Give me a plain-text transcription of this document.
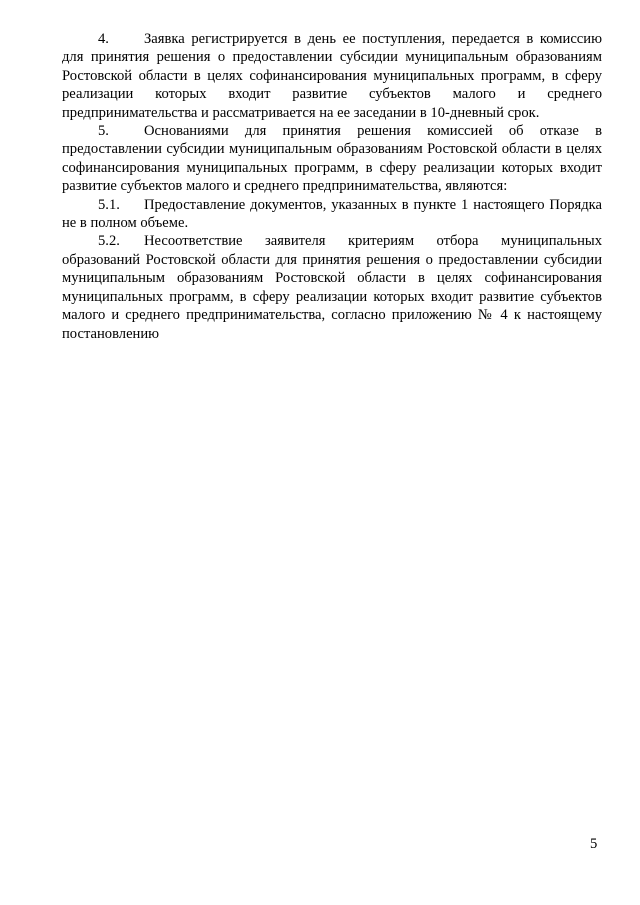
4. Заявка регистрируется в день ее поступления, передается в комиссию для принятия решения о предоставлении субсидии муниципальным образованиям Ростовской области в целях софинансирования муниципальных программ, в сферу реализации которых входит развитие субъектов малого и среднего предпринимательства и рассматривается на ее заседании в 10-дневный срок.

5. Основаниями для принятия решения комиссией об отказе в предоставлении субсидии муниципальным образованиям Ростовской области в целях софинансирования муниципальных программ, в сферу реализации которых входит развитие субъектов малого и среднего предпринимательства, являются:

5.1. Предоставление документов, указанных в пункте 1 настоящего Порядка не в полном объеме.

5.2. Несоответствие заявителя критериям отбора муниципальных образований Ростовской области для принятия решения о предоставлении субсидии муниципальным образованиям Ростовской области в целях софинансирования муниципальных программ, в сферу реализации которых входит развитие субъектов малого и среднего предпринимательства, согласно приложению № 4 к настоящему постановлению

5
